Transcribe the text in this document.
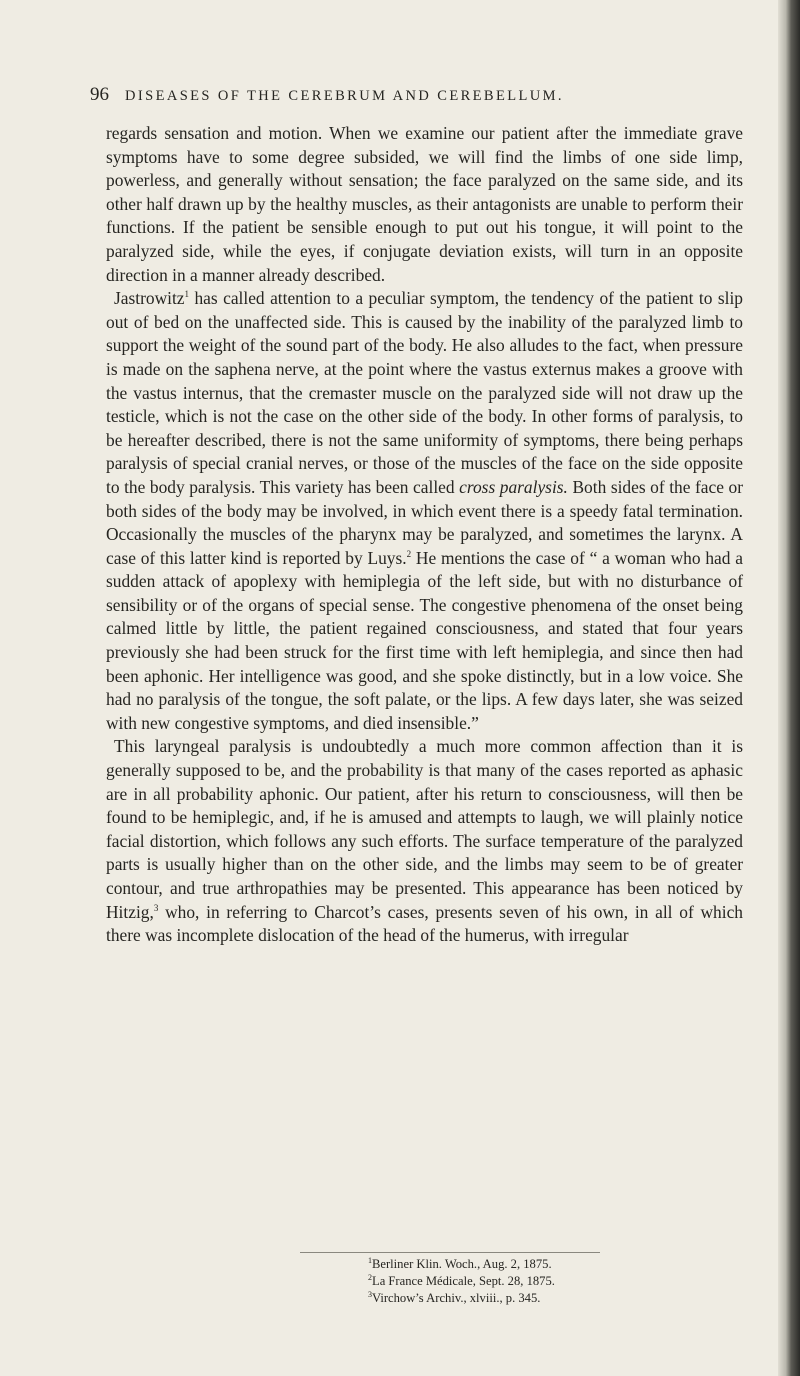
96 DISEASES OF THE CEREBRUM AND CEREBELLUM.

regards sensation and motion. When we examine our patient after the immediate grave symptoms have to some degree subsided, we will find the limbs of one side limp, powerless, and generally without sensation; the face paralyzed on the same side, and its other half drawn up by the healthy muscles, as their antagonists are unable to perform their functions. If the patient be sensible enough to put out his tongue, it will point to the paralyzed side, while the eyes, if conjugate deviation exists, will turn in an opposite direction in a manner already described.

Jastrowitz$^1$ has called attention to a peculiar symptom, the tendency of the patient to slip out of bed on the unaffected side. This is caused by the inability of the paralyzed limb to support the weight of the sound part of the body. He also alludes to the fact, when pressure is made on the saphena nerve, at the point where the vastus externus makes a groove with the vastus internus, that the cremaster muscle on the paralyzed side will not draw up the testicle, which is not the case on the other side of the body. In other forms of paralysis, to be hereafter described, there is not the same uniformity of symptoms, there being perhaps paralysis of special cranial nerves, or those of the muscles of the face on the side opposite to the body paralysis. This variety has been called cross paralysis. Both sides of the face or both sides of the body may be involved, in which event there is a speedy fatal termination. Occasionally the muscles of the pharynx may be paralyzed, and sometimes the larynx. A case of this latter kind is reported by Luys.$^2$ He mentions the case of “ a woman who had a sudden attack of apoplexy with hemiplegia of the left side, but with no disturbance of sensibility or of the organs of special sense. The congestive phenomena of the onset being calmed little by little, the patient regained consciousness, and stated that four years previously she had been struck for the first time with left hemiplegia, and since then had been aphonic. Her intelligence was good, and she spoke distinctly, but in a low voice. She had no paralysis of the tongue, the soft palate, or the lips. A few days later, she was seized with new congestive symptoms, and died insensible.”

This laryngeal paralysis is undoubtedly a much more common affection than it is generally supposed to be, and the probability is that many of the cases reported as aphasic are in all probability aphonic. Our patient, after his return to consciousness, will then be found to be hemiplegic, and, if he is amused and attempts to laugh, we will plainly notice facial distortion, which follows any such efforts. The surface temperature of the paralyzed parts is usually higher than on the other side, and the limbs may seem to be of greater contour, and true arthropathies may be presented. This appearance has been noticed by Hitzig,$^3$ who, in referring to Charcot’s cases, presents seven of his own, in all of which there was incomplete dislocation of the head of the humerus, with irregular

$^1$Berliner Klin. Woch., Aug. 2, 1875.

$^2$La France Médicale, Sept. 28, 1875.

$^3$Virchow’s Archiv., xlviii., p. 345.
